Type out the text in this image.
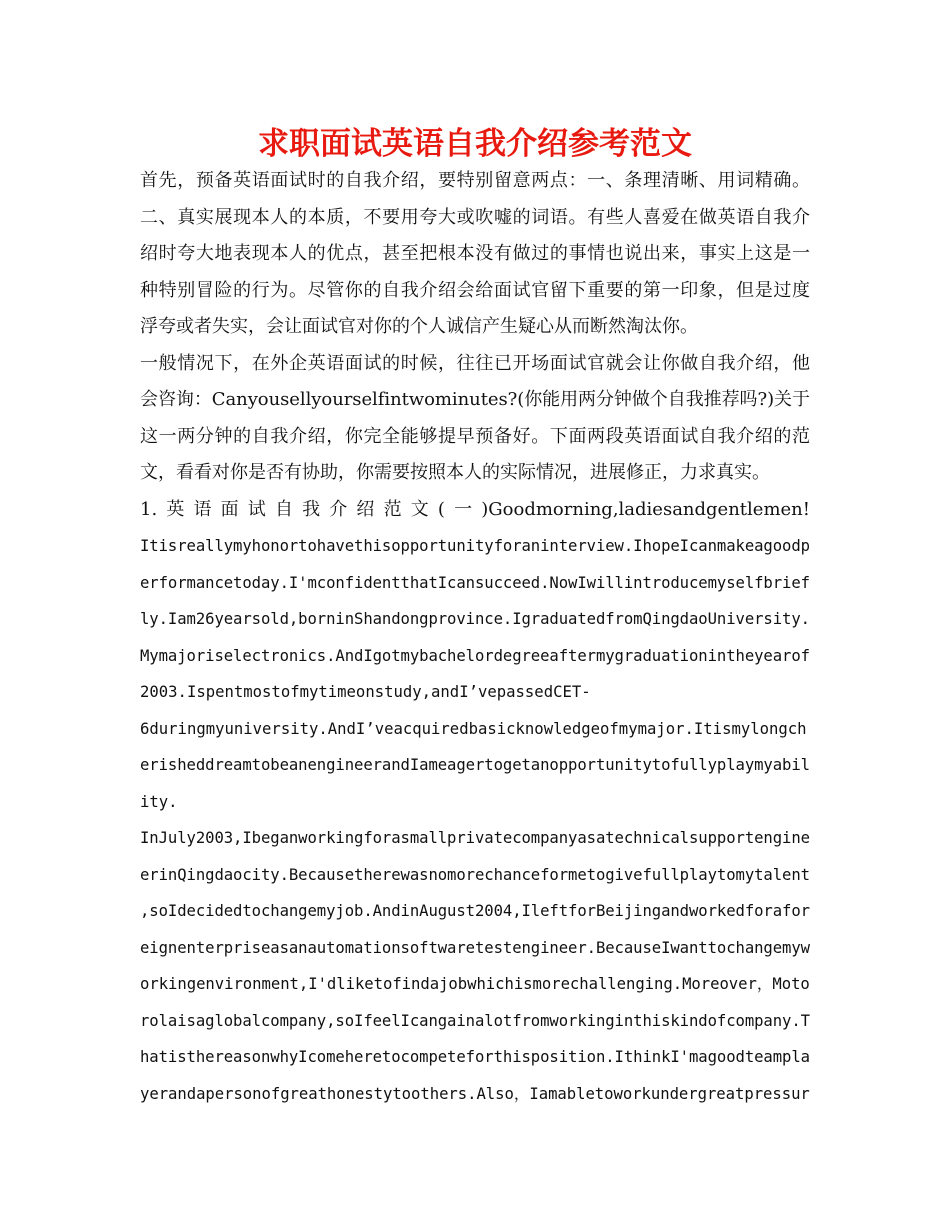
求职面试英语自我介绍参考范文
首先，预备英语面试时的自我介绍，要特别留意两点：一、条理清晰、用词精确。
二、真实展现本人的本质，不要用夸大或吹嘘的词语。有些人喜爱在做英语自我介
绍时夸大地表现本人的优点，甚至把根本没有做过的事情也说出来，事实上这是一
种特别冒险的行为。尽管你的自我介绍会给面试官留下重要的第一印象，但是过度
浮夸或者失实，会让面试官对你的个人诚信产生疑心从而断然淘汰你。
一般情况下，在外企英语面试的时候，往往已开场面试官就会让你做自我介绍，他
会咨询：Canyousellyourselfintwominutes?(你能用两分钟做个自我推荐吗?)关于
这一两分钟的自我介绍，你完全能够提早预备好。下面两段英语面试自我介绍的范
文，看看对你是否有协助，你需要按照本人的实际情况，进展修正，力求真实。
1.英语面试自我介绍范文(一)Goodmorning,ladiesandgentlemen!
Itisreallymyhonortohavethisopportunityforaninterview.IhopeIcanmakeagoodp
erformancetoday.I'mconfidentthatIcansucceed.NowIwillintroducemyselfbrief
ly.Iam26yearsold,borninShandongprovince.IgraduatedfromQingdaoUniversity.
Mymajoriselectronics.AndIgotmybachelordegreeaftermygraduationintheyearof
2003.Ispentmostofmytimeonstudy,andI’vepassedCET-
6duringmyuniversity.AndI’veacquiredbasicknowledgeofmymajor.Itismylongch
erisheddreamtobeanengineerandIameagertogetanopportunitytofullyplaymyabil
ity.
InJuly2003,Ibeganworkingforasmallprivatecompanyasatechnicalsupportengine
erinQingdaocity.Becausetherewasnomorechanceformetogivefullplaytomytalent
,soIdecidedtochangemyjob.AndinAugust2004,IleftforBeijingandworkedforafor
eignenterpriseasanautomationsoftwaretestengineer.BecauseIwanttochangemyw
orkingenvironment,I'dliketofindajobwhichismorechallenging.Moreover，Moto
rolaisaglobalcompany,soIfeelIcangainalotfromworkinginthiskindofcompany.T
hatisthereasonwhyIcomeheretocompeteforthisposition.IthinkI'magoodteampla
yerandapersonofgreathonestytoothers.Also，Iamabletoworkundergreatpressur
